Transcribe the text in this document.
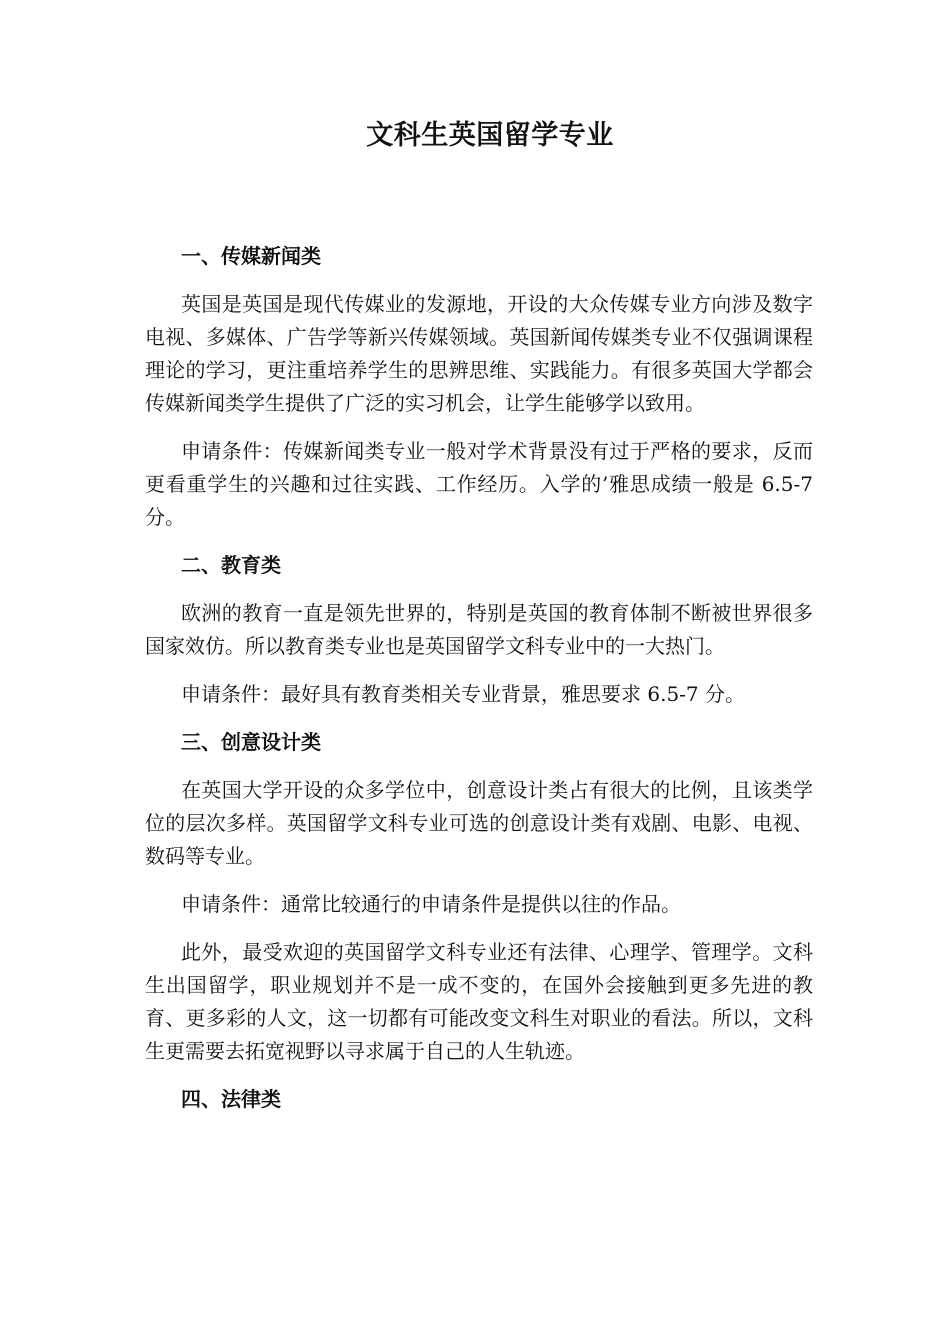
文科生英国留学专业
一、传媒新闻类

英国是英国是现代传媒业的发源地，开设的大众传媒专业方向涉及数字电视、多媒体、广告学等新兴传媒领域。英国新闻传媒类专业不仅强调课程理论的学习，更注重培养学生的思辨思维、实践能力。有很多英国大学都会传媒新闻类学生提供了广泛的实习机会，让学生能够学以致用。

申请条件：传媒新闻类专业一般对学术背景没有过于严格的要求，反而更看重学生的兴趣和过往实践、工作经历。入学的’雅思成绩一般是 6.5-7 分。

二、教育类

欧洲的教育一直是领先世界的，特别是英国的教育体制不断被世界很多国家效仿。所以教育类专业也是英国留学文科专业中的一大热门。

申请条件：最好具有教育类相关专业背景，雅思要求 6.5-7 分。

三、创意设计类

在英国大学开设的众多学位中，创意设计类占有很大的比例，且该类学位的层次多样。英国留学文科专业可选的创意设计类有戏剧、电影、电视、数码等专业。

申请条件：通常比较通行的申请条件是提供以往的作品。

此外，最受欢迎的英国留学文科专业还有法律、心理学、管理学。文科生出国留学，职业规划并不是一成不变的，在国外会接触到更多先进的教育、更多彩的人文，这一切都有可能改变文科生对职业的看法。所以，文科生更需要去拓宽视野以寻求属于自己的人生轨迹。

四、法律类
